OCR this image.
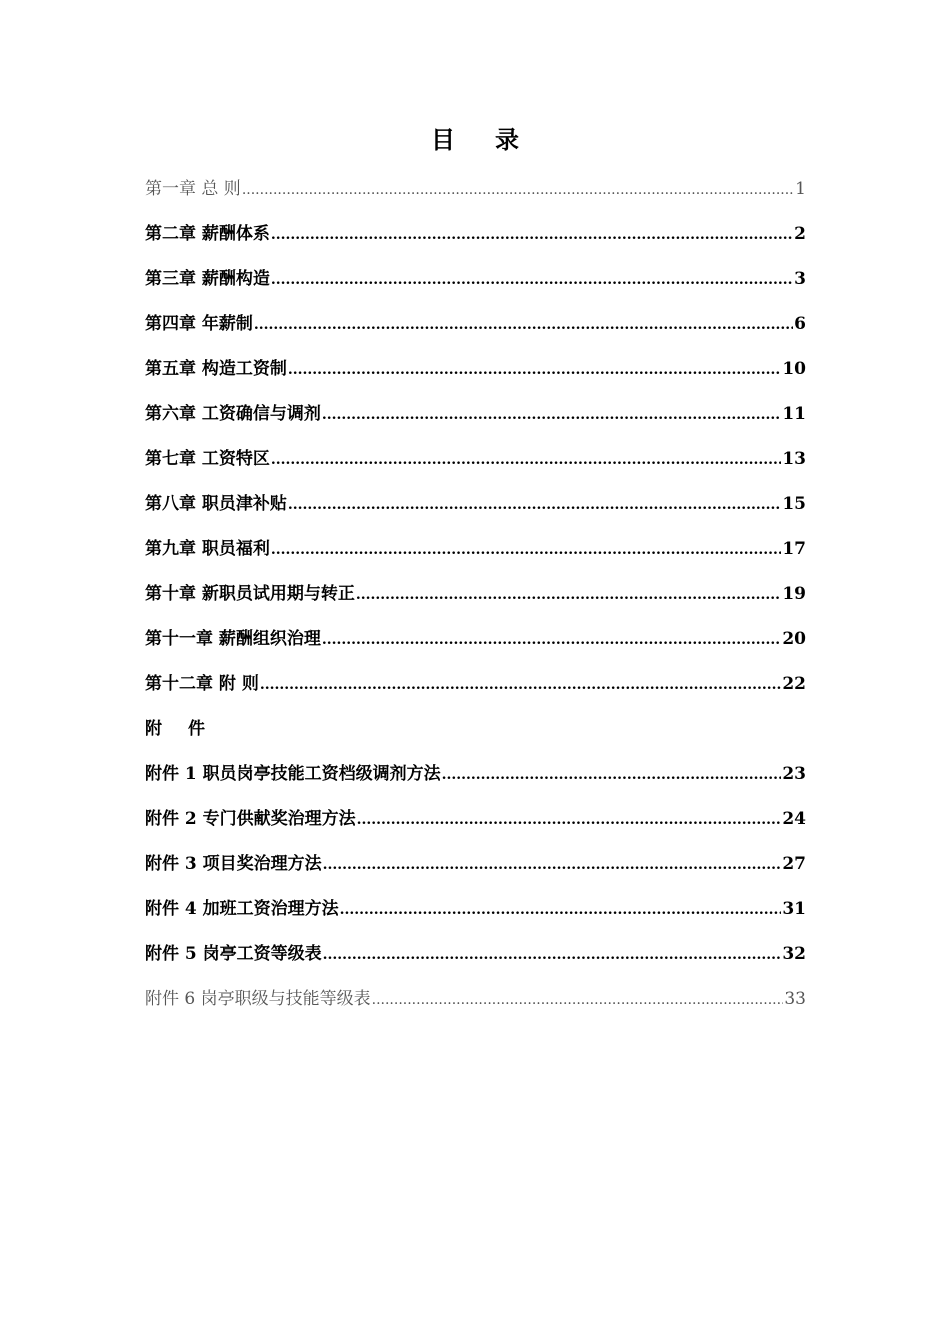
目 录
第一章 总 则 .....	1
第二章 薪酬体系 .....	2
第三章 薪酬构造 .....	3
第四章 年薪制 .....	6
第五章 构造工资制 .....	10
第六章 工资确信与调剂 .....	11
第七章 工资特区 .....	13
第八章 职员津补贴 .....	15
第九章 职员福利 .....	17
第十章 新职员试用期与转正 .....	19
第十一章 薪酬组织治理 .....	20
第十二章 附 则 .....	22
附 件
附件 1 职员岗亭技能工资档级调剂方法 .....	23
附件 2 专门供献奖治理方法 .....	24
附件 3 项目奖治理方法 .....	27
附件 4 加班工资治理方法 .....	31
附件 5 岗亭工资等级表 .....	32
附件 6 岗亭职级与技能等级表 .....	33
